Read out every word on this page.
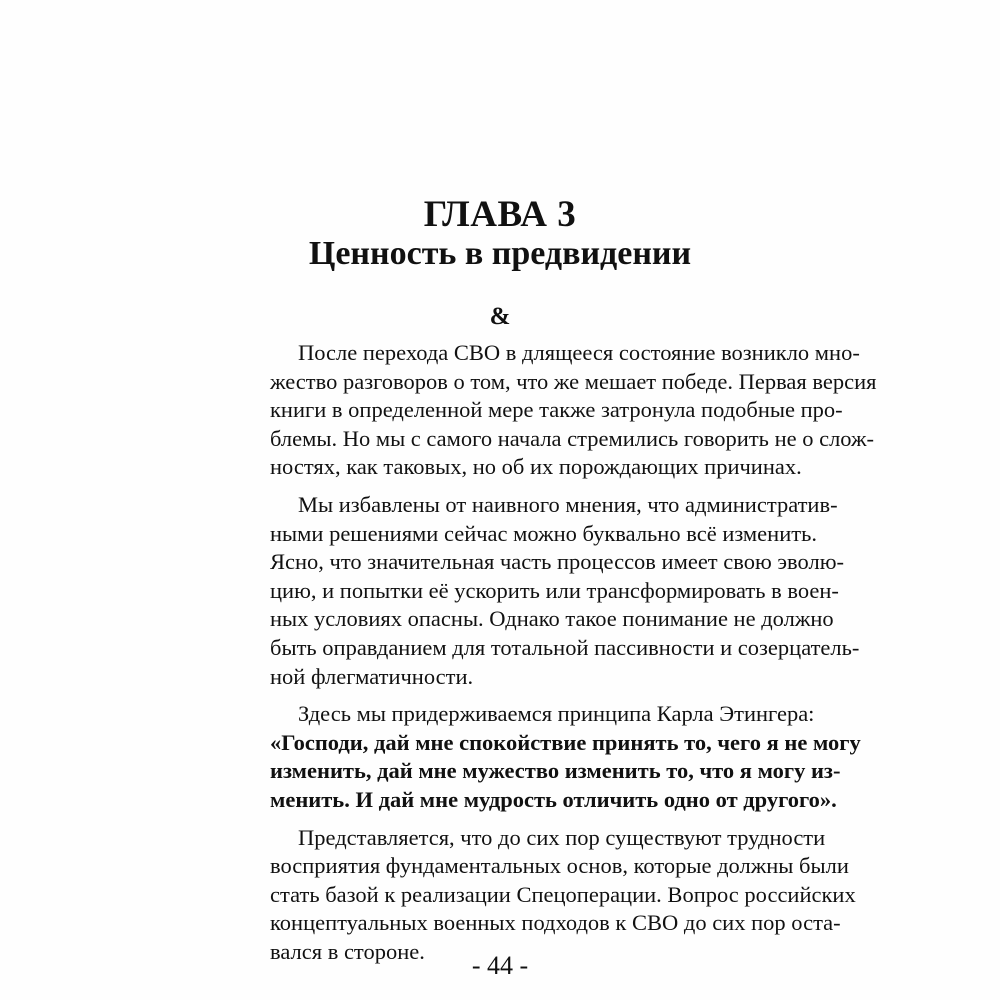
ГЛАВА 3
Ценность в предвидении
&

После перехода СВО в длящееся состояние возникло мно-
жество разговоров о том, что же мешает победе. Первая версия
книги в определенной мере также затронула подобные про-
блемы. Но мы с самого начала стремились говорить не о слож-
ностях, как таковых, но об их порождающих причинах.

Мы избавлены от наивного мнения, что административ-
ными решениями сейчас можно буквально всё изменить.
Ясно, что значительная часть процессов имеет свою эволю-
цию, и попытки её ускорить или трансформировать в воен-
ных условиях опасны. Однако такое понимание не должно
быть оправданием для тотальной пассивности и созерцатель-
ной флегматичности.

Здесь мы придерживаемся принципа Карла Этингера:
«Господи, дай мне спокойствие принять то, чего я не могу
изменить, дай мне мужество изменить то, что я могу из-
менить. И дай мне мудрость отличить одно от другого».

Представляется, что до сих пор существуют трудности
восприятия фундаментальных основ, которые должны были
стать базой к реализации Спецоперации. Вопрос российских
концептуальных военных подходов к СВО до сих пор оста-
вался в стороне.	- 44 -
